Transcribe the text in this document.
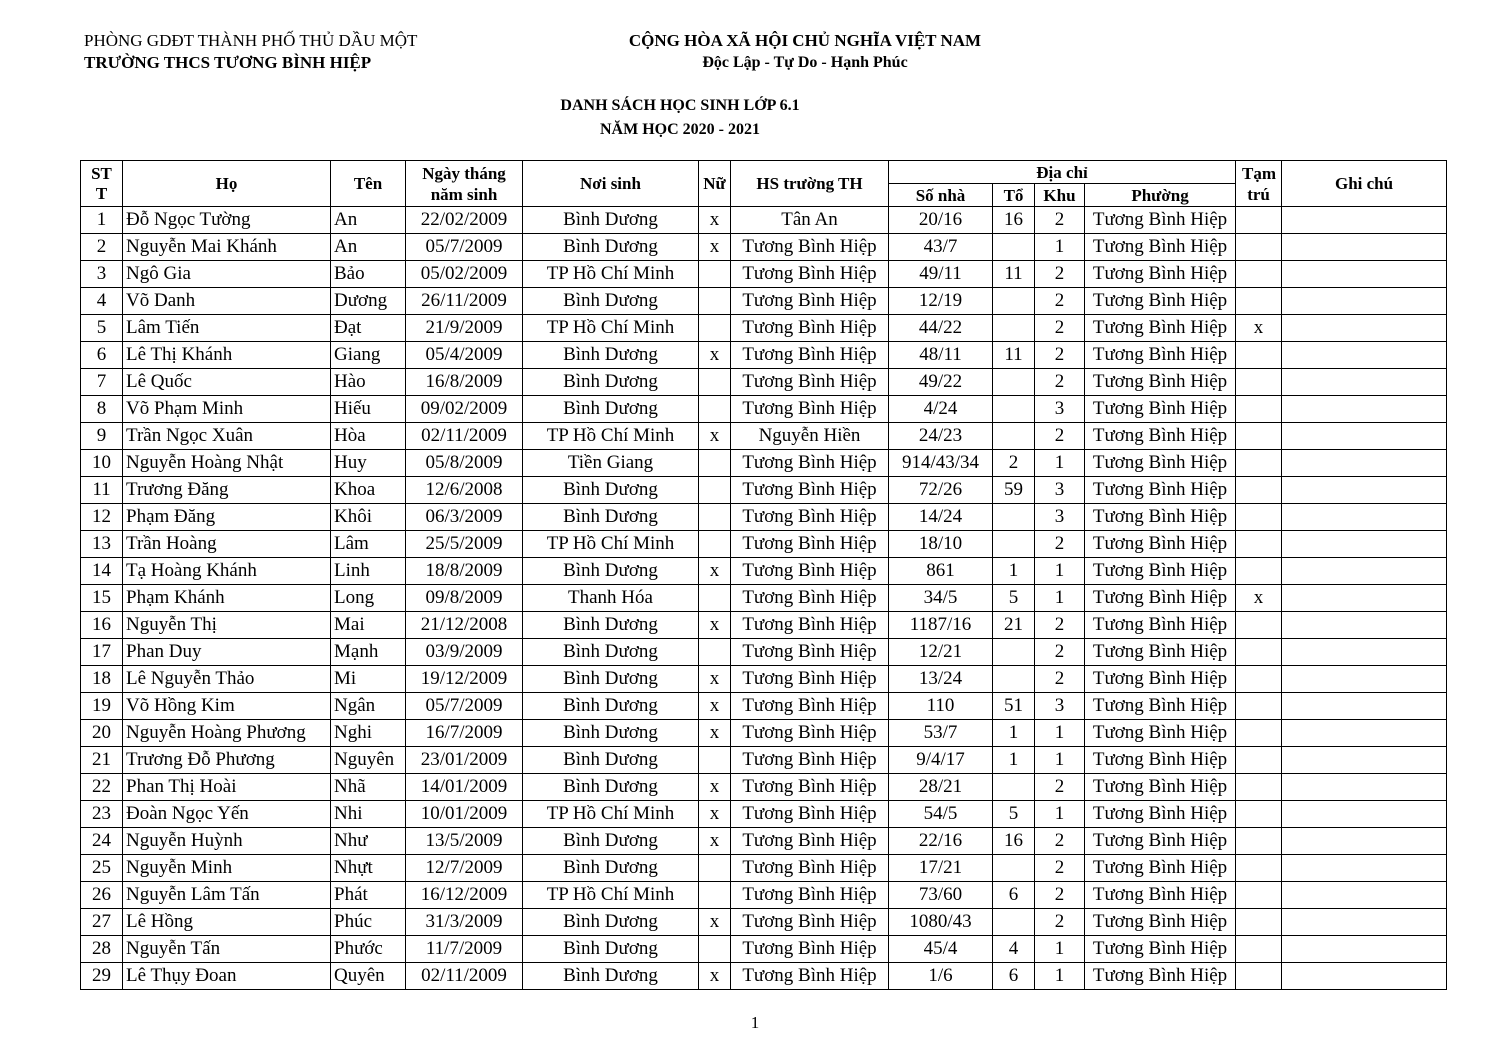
PHÒNG GDĐT THÀNH PHỐ THỦ DẦU MỘT
TRƯỜNG THCS TƯƠNG BÌNH HIỆP
CỘNG HÒA XÃ HỘI CHỦ NGHĨA VIỆT NAM
Độc Lập - Tự Do - Hạnh Phúc
DANH SÁCH HỌC SINH LỚP 6.1
NĂM HỌC 2020 - 2021
ST T	Họ	Tên	Ngày tháng năm sinh	Nơi sinh	Nữ	HS trường TH	Địa chỉ				Tạm trú	Ghi chú
							Số nhà	Tổ	Khu	Phường		
1	Đỗ Ngọc Tường	An	22/02/2009	Bình Dương	x	Tân An	20/16	16	2	Tương Bình Hiệp		
2	Nguyễn Mai Khánh	An	05/7/2009	Bình Dương	x	Tương Bình Hiệp	43/7		1	Tương Bình Hiệp		
3	Ngô Gia	Bảo	05/02/2009	TP Hồ Chí Minh		Tương Bình Hiệp	49/11	11	2	Tương Bình Hiệp		
4	Võ Danh	Dương	26/11/2009	Bình Dương		Tương Bình Hiệp	12/19		2	Tương Bình Hiệp		
5	Lâm Tiến	Đạt	21/9/2009	TP Hồ Chí Minh		Tương Bình Hiệp	44/22		2	Tương Bình Hiệp	x	
6	Lê Thị Khánh	Giang	05/4/2009	Bình Dương	x	Tương Bình Hiệp	48/11	11	2	Tương Bình Hiệp		
7	Lê Quốc	Hào	16/8/2009	Bình Dương		Tương Bình Hiệp	49/22		2	Tương Bình Hiệp		
8	Võ Phạm Minh	Hiếu	09/02/2009	Bình Dương		Tương Bình Hiệp	4/24		3	Tương Bình Hiệp		
9	Trần Ngọc Xuân	Hòa	02/11/2009	TP Hồ Chí Minh	x	Nguyễn Hiền	24/23		2	Tương Bình Hiệp		
10	Nguyễn Hoàng Nhật	Huy	05/8/2009	Tiền Giang		Tương Bình Hiệp	914/43/34	2	1	Tương Bình Hiệp		
11	Trương Đăng	Khoa	12/6/2008	Bình Dương		Tương Bình Hiệp	72/26	59	3	Tương Bình Hiệp		
12	Phạm Đăng	Khôi	06/3/2009	Bình Dương		Tương Bình Hiệp	14/24		3	Tương Bình Hiệp		
13	Trần Hoàng	Lâm	25/5/2009	TP Hồ Chí Minh		Tương Bình Hiệp	18/10		2	Tương Bình Hiệp		
14	Tạ Hoàng Khánh	Linh	18/8/2009	Bình Dương	x	Tương Bình Hiệp	861	1	1	Tương Bình Hiệp		
15	Phạm Khánh	Long	09/8/2009	Thanh Hóa		Tương Bình Hiệp	34/5	5	1	Tương Bình Hiệp	x	
16	Nguyễn Thị	Mai	21/12/2008	Bình Dương	x	Tương Bình Hiệp	1187/16	21	2	Tương Bình Hiệp		
17	Phan Duy	Mạnh	03/9/2009	Bình Dương		Tương Bình Hiệp	12/21		2	Tương Bình Hiệp		
18	Lê Nguyễn Thảo	Mi	19/12/2009	Bình Dương	x	Tương Bình Hiệp	13/24		2	Tương Bình Hiệp		
19	Võ Hồng Kim	Ngân	05/7/2009	Bình Dương	x	Tương Bình Hiệp	110	51	3	Tương Bình Hiệp		
20	Nguyễn Hoàng Phương	Nghi	16/7/2009	Bình Dương	x	Tương Bình Hiệp	53/7	1	1	Tương Bình Hiệp		
21	Trương Đỗ Phương	Nguyên	23/01/2009	Bình Dương		Tương Bình Hiệp	9/4/17	1	1	Tương Bình Hiệp		
22	Phan Thị Hoài	Nhã	14/01/2009	Bình Dương	x	Tương Bình Hiệp	28/21		2	Tương Bình Hiệp		
23	Đoàn Ngọc Yến	Nhi	10/01/2009	TP Hồ Chí Minh	x	Tương Bình Hiệp	54/5	5	1	Tương Bình Hiệp		
24	Nguyễn Huỳnh	Như	13/5/2009	Bình Dương	x	Tương Bình Hiệp	22/16	16	2	Tương Bình Hiệp		
25	Nguyễn Minh	Nhựt	12/7/2009	Bình Dương		Tương Bình Hiệp	17/21		2	Tương Bình Hiệp		
26	Nguyễn Lâm Tấn	Phát	16/12/2009	TP Hồ Chí Minh		Tương Bình Hiệp	73/60	6	2	Tương Bình Hiệp		
27	Lê Hồng	Phúc	31/3/2009	Bình Dương	x	Tương Bình Hiệp	1080/43		2	Tương Bình Hiệp		
28	Nguyễn Tấn	Phước	11/7/2009	Bình Dương		Tương Bình Hiệp	45/4	4	1	Tương Bình Hiệp		
29	Lê Thụy Đoan	Quyên	02/11/2009	Bình Dương	x	Tương Bình Hiệp	1/6	6	1	Tương Bình Hiệp		
1
